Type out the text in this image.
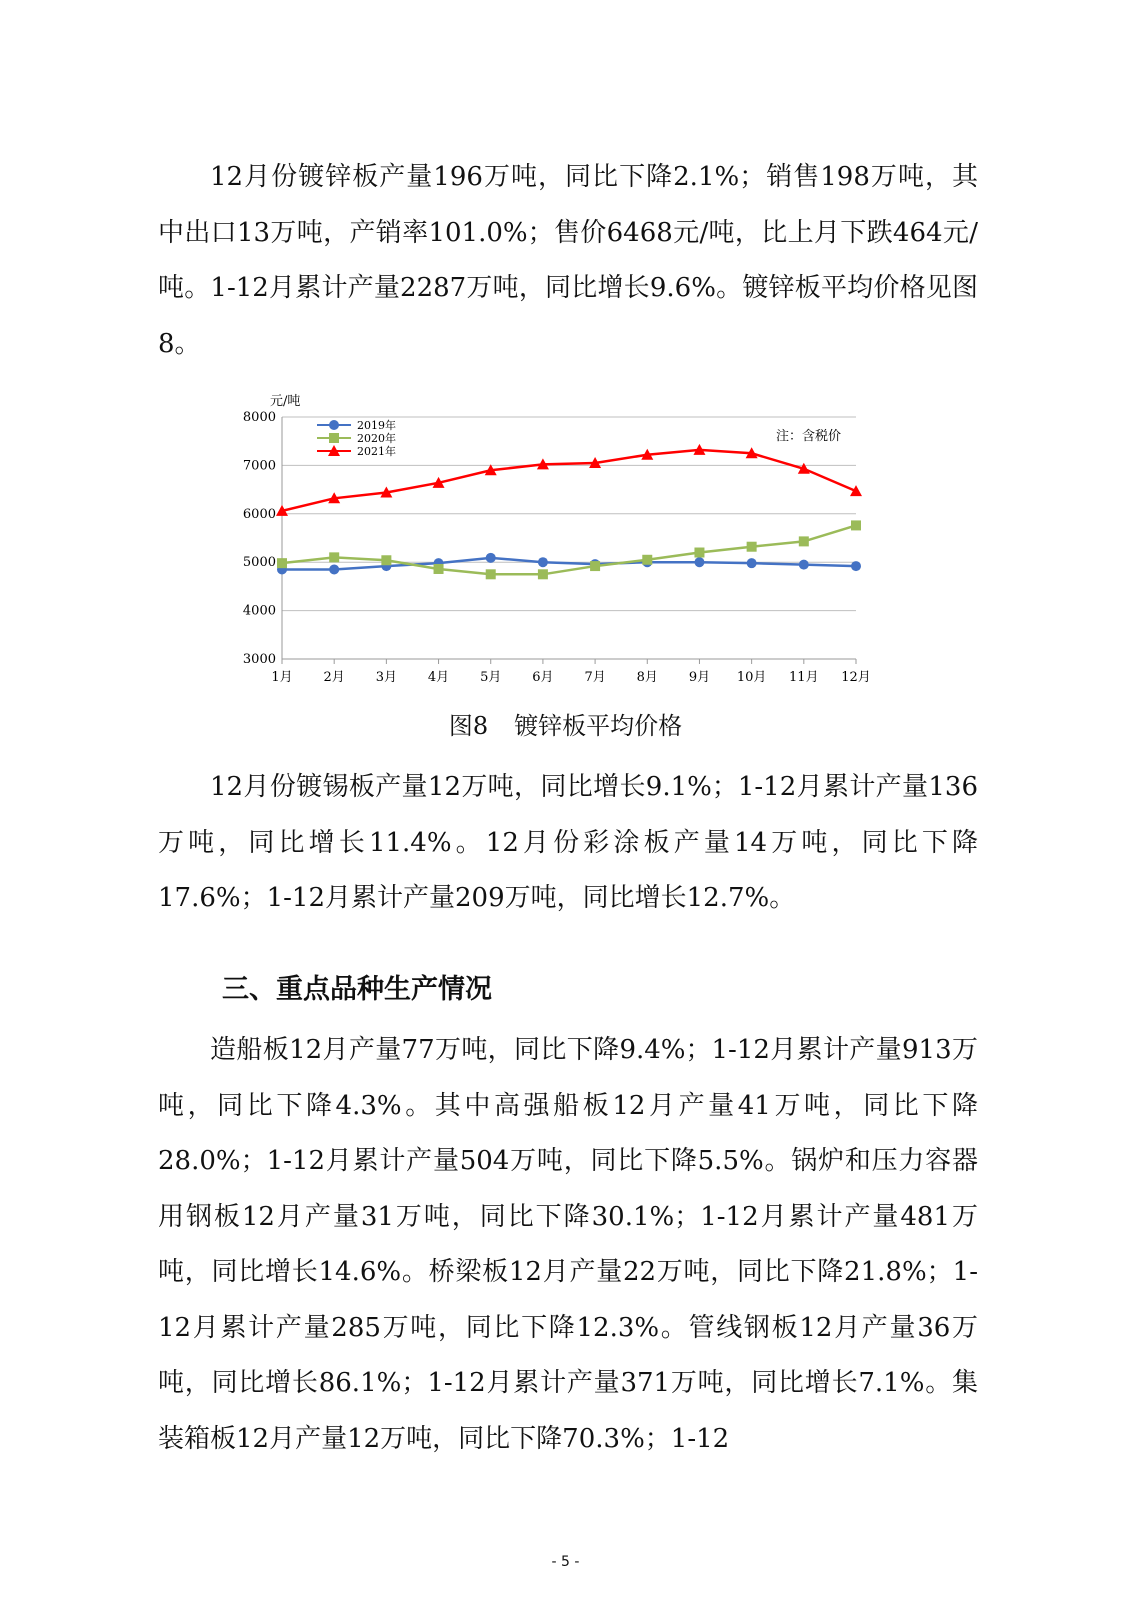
12月份镀锌板产量196万吨，同比下降2.1%；销售198万吨，其中出口13万吨，产销率101.0%；售价6468元/吨，比上月下跌464元/吨。1-12月累计产量2287万吨，同比增长9.6%。镀锌板平均价格见图8。

3000
4000
5000
6000
7000
8000
1月 2月 3月 4月 5月 6月 7月 8月 9月 10月 11月 12月
元/吨
注：含税价
2019年
2020年
2021年

图8 镀锌板平均价格

12月份镀锡板产量12万吨，同比增长9.1%；1-12月累计产量136万吨，同比增长11.4%。12月份彩涂板产量14万吨，同比下降17.6%；1-12月累计产量209万吨，同比增长12.7%。

三、重点品种生产情况

造船板12月产量77万吨，同比下降9.4%；1-12月累计产量913万吨，同比下降4.3%。其中高强船板12月产量41万吨，同比下降28.0%；1-12月累计产量504万吨，同比下降5.5%。锅炉和压力容器用钢板12月产量31万吨，同比下降30.1%；1-12月累计产量481万吨，同比增长14.6%。桥梁板12月产量22万吨，同比下降21.8%；1-12月累计产量285万吨，同比下降12.3%。管线钢板12月产量36万吨，同比增长86.1%；1-12月累计产量371万吨，同比增长7.1%。集装箱板12月产量12万吨，同比下降70.3%；1-12

- 5 -
